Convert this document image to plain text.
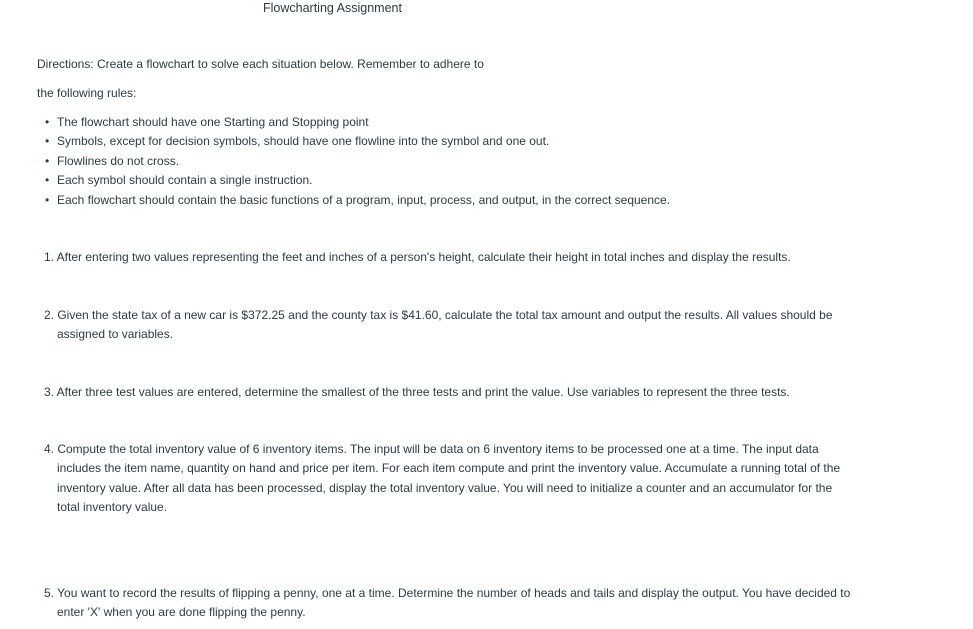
Flowcharting Assignment
Directions: Create a flowchart to solve each situation below. Remember to adhere to
the following rules:
• The flowchart should have one Starting and Stopping point
• Symbols, except for decision symbols, should have one flowline into the symbol and one out.
• Flowlines do not cross.
• Each symbol should contain a single instruction.
• Each flowchart should contain the basic functions of a program, input, process, and output, in the correct sequence.
1. After entering two values representing the feet and inches of a person's height, calculate their height in total inches and display the results.
2. Given the state tax of a new car is $372.25 and the county tax is $41.60, calculate the total tax amount and output the results. All values should be
assigned to variables.
3. After three test values are entered, determine the smallest of the three tests and print the value. Use variables to represent the three tests.
4. Compute the total inventory value of 6 inventory items. The input will be data on 6 inventory items to be processed one at a time. The input data
includes the item name, quantity on hand and price per item. For each item compute and print the inventory value. Accumulate a running total of the
inventory value. After all data has been processed, display the total inventory value. You will need to initialize a counter and an accumulator for the
total inventory value.
5. You want to record the results of flipping a penny, one at a time. Determine the number of heads and tails and display the output. You have decided to
enter 'X' when you are done flipping the penny.
